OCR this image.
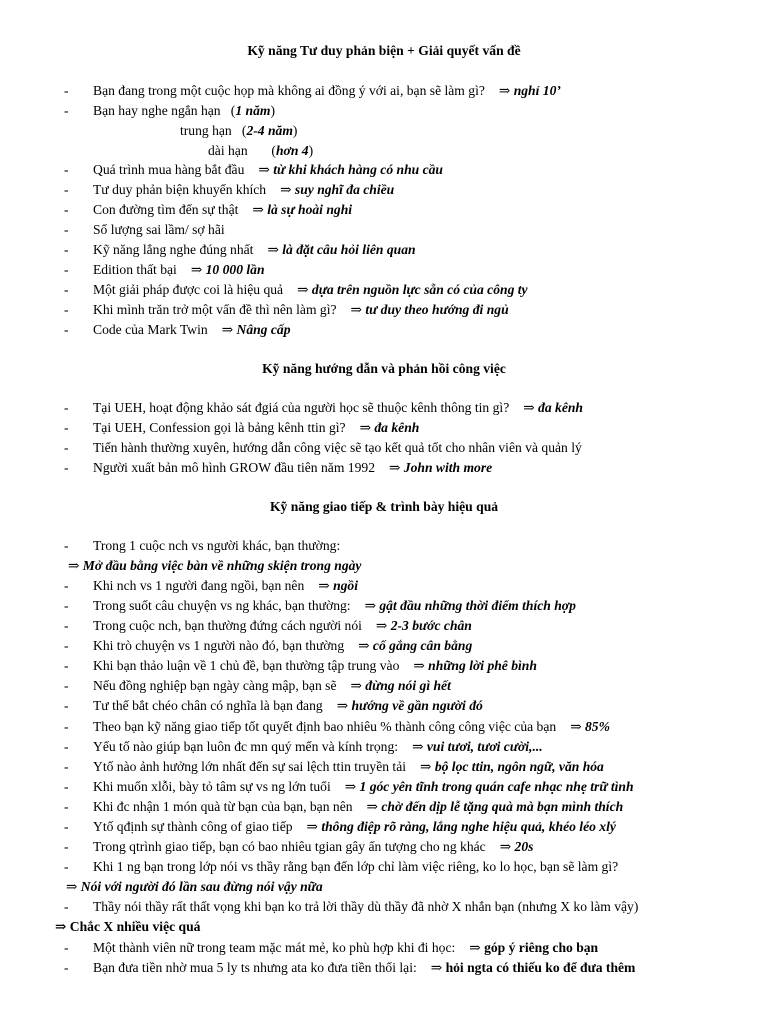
Kỹ năng Tư duy phản biện + Giải quyết vấn đề
- Bạn đang trong một cuộc họp mà không ai đồng ý với ai, bạn sẽ làm gì? ⇒ nghỉ 10’
- Bạn hay nghe ngắn hạn   (1 năm)
trung hạn   (2-4 năm)
dài hạn       (hơn 4)
- Quá trình mua hàng bắt đầu ⇒ từ khi khách hàng có nhu cầu
- Tư duy phản biện khuyến khích ⇒ suy nghĩ đa chiều
- Con đường tìm đến sự thật ⇒ là sự hoài nghi
- Số lượng sai lầm/ sợ hãi
- Kỹ năng lắng nghe đúng nhất ⇒ là đặt câu hỏi liên quan
- Edition thất bại ⇒ 10 000 lần
- Một giải pháp được coi là hiệu quả ⇒ dựa trên nguồn lực sẵn có của công ty
- Khi mình trăn trở một vấn đề thì nên làm gì? ⇒ tư duy theo hướng đi ngủ
- Code của Mark Twin ⇒ Nâng cấp
Kỹ năng hướng dẫn và phản hồi công việc
- Tại UEH, hoạt động khảo sát đgiá của người học sẽ thuộc kênh thông tin gì? ⇒ đa kênh
- Tại UEH, Confession gọi là bảng kênh ttin gì? ⇒ đa kênh
- Tiến hành thường xuyên, hướng dẫn công việc sẽ tạo kết quả tốt cho nhân viên và quản lý
- Người xuất bản mô hình GROW đầu tiên năm 1992 ⇒ John with more
Kỹ năng giao tiếp & trình bày hiệu quả
- Trong 1 cuộc nch vs người khác, bạn thường:
⇒ Mở đầu bằng việc bàn về những skiện trong ngày
- Khi nch vs 1 người đang ngồi, bạn nên ⇒ ngồi
- Trong suốt câu chuyện vs ng khác, bạn thường: ⇒ gật đầu những thời điểm thích hợp
- Trong cuộc nch, bạn thường đứng cách người nói ⇒ 2-3 bước chân
- Khi trò chuyện vs 1 người nào đó, bạn thường ⇒ cố gắng cân bằng
- Khi bạn thảo luận về 1 chủ đề, bạn thường tập trung vào ⇒ những lời phê bình
- Nếu đồng nghiệp bạn ngày càng mập, bạn sẽ ⇒ đừng nói gì hết
- Tư thế bắt chéo chân có nghĩa là bạn đang ⇒ hướng về gần người đó
- Theo bạn kỹ năng giao tiếp tốt quyết định bao nhiêu % thành công công việc của bạn ⇒ 85%
- Yếu tố nào giúp bạn luôn đc mn quý mến và kính trọng: ⇒ vui tươi, tươi cười,...
- Ytố nào ảnh hưởng lớn nhất đến sự sai lệch ttin truyền tải ⇒ bộ lọc ttin, ngôn ngữ, văn hóa
- Khi muốn xlỗi, bày tỏ tâm sự vs ng lớn tuổi ⇒ 1 góc yên tĩnh trong quán cafe nhạc nhẹ trữ tình
- Khi đc nhận 1 món quà từ bạn của bạn, bạn nên ⇒ chờ đến dịp lễ tặng quà mà bạn mình thích
- Ytố qđịnh sự thành công of giao tiếp ⇒ thông điệp rõ ràng, lắng nghe hiệu quả, khéo léo xlý
- Trong qtrình giao tiếp, bạn có bao nhiêu tgian gây ấn tượng cho ng khác ⇒ 20s
- Khi 1 ng bạn trong lớp nói vs thầy rằng bạn đến lớp chỉ làm việc riêng, ko lo học, bạn sẽ làm gì?
⇒ Nói với người đó lần sau đừng nói vậy nữa
- Thầy nói thầy rất thất vọng khi bạn ko trả lời thầy dù thầy đã nhờ X nhắn bạn (nhưng X ko làm vậy)
⇒ Chắc X nhiều việc quá
- Một thành viên nữ trong team mặc mát mẻ, ko phù hợp khi đi học: ⇒ góp ý riêng cho bạn
- Bạn đưa tiền nhờ mua 5 ly ts nhưng ata ko đưa tiền thối lại: ⇒ hỏi ngta có thiếu ko để đưa thêm
